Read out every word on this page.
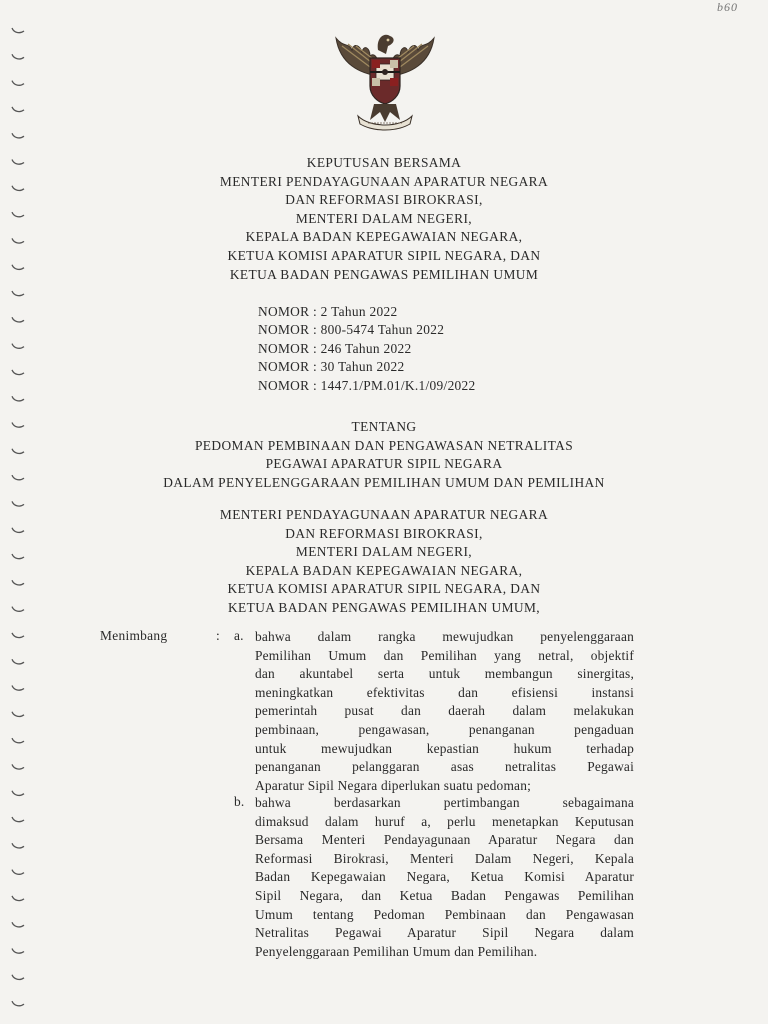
b60
KEPUTUSAN BERSAMA
MENTERI PENDAYAGUNAAN APARATUR NEGARA
DAN REFORMASI BIROKRASI,
MENTERI DALAM NEGERI,
KEPALA BADAN KEPEGAWAIAN NEGARA,
KETUA KOMISI APARATUR SIPIL NEGARA, DAN
KETUA BADAN PENGAWAS PEMILIHAN UMUM
NOMOR : 2 Tahun 2022
NOMOR : 800-5474 Tahun 2022
NOMOR : 246 Tahun 2022
NOMOR : 30 Tahun 2022
NOMOR : 1447.1/PM.01/K.1/09/2022
TENTANG
PEDOMAN PEMBINAAN DAN PENGAWASAN NETRALITAS
PEGAWAI APARATUR SIPIL NEGARA
DALAM PENYELENGGARAAN PEMILIHAN UMUM DAN PEMILIHAN
MENTERI PENDAYAGUNAAN APARATUR NEGARA
DAN REFORMASI BIROKRASI,
MENTERI DALAM NEGERI,
KEPALA BADAN KEPEGAWAIAN NEGARA,
KETUA KOMISI APARATUR SIPIL NEGARA, DAN
KETUA BADAN PENGAWAS PEMILIHAN UMUM,
Menimbang	: a. bahwa dalam rangka mewujudkan penyelenggaraan
Pemilihan Umum dan Pemilihan yang netral, objektif
dan akuntabel serta untuk membangun sinergitas,
meningkatkan efektivitas dan efisiensi instansi
pemerintah pusat dan daerah dalam melakukan
pembinaan, pengawasan, penanganan pengaduan
untuk mewujudkan kepastian hukum terhadap
penanganan pelanggaran asas netralitas Pegawai
Aparatur Sipil Negara diperlukan suatu pedoman;
b. bahwa berdasarkan pertimbangan sebagaimana
dimaksud dalam huruf a, perlu menetapkan Keputusan
Bersama Menteri Pendayagunaan Aparatur Negara dan
Reformasi Birokrasi, Menteri Dalam Negeri, Kepala
Badan Kepegawaian Negara, Ketua Komisi Aparatur
Sipil Negara, dan Ketua Badan Pengawas Pemilihan
Umum tentang Pedoman Pembinaan dan Pengawasan
Netralitas Pegawai Aparatur Sipil Negara dalam
Penyelenggaraan Pemilihan Umum dan Pemilihan.
